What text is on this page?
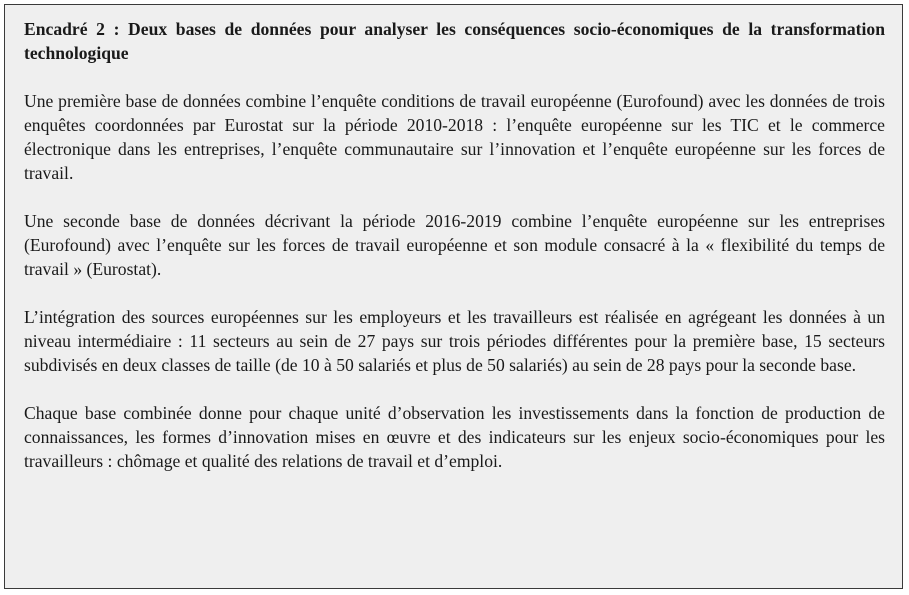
Encadré 2 : Deux bases de données pour analyser les conséquences socio-économiques de la transformation technologique

Une première base de données combine l’enquête conditions de travail européenne (Eurofound) avec les données de trois enquêtes coordonnées par Eurostat sur la période 2010-2018 : l’enquête européenne sur les TIC et le commerce électronique dans les entreprises, l’enquête communautaire sur l’innovation et l’enquête européenne sur les forces de travail.

Une seconde base de données décrivant la période 2016-2019 combine l’enquête européenne sur les entreprises (Eurofound) avec l’enquête sur les forces de travail européenne et son module consacré à la « flexibilité du temps de travail » (Eurostat).

L’intégration des sources européennes sur les employeurs et les travailleurs est réalisée en agrégeant les données à un niveau intermédiaire : 11 secteurs au sein de 27 pays sur trois périodes différentes pour la première base, 15 secteurs subdivisés en deux classes de taille (de 10 à 50 salariés et plus de 50 salariés) au sein de 28 pays pour la seconde base.

Chaque base combinée donne pour chaque unité d’observation les investissements dans la fonction de production de connaissances, les formes d’innovation mises en œuvre et des indicateurs sur les enjeux socio-économiques pour les travailleurs : chômage et qualité des relations de travail et d’emploi.
